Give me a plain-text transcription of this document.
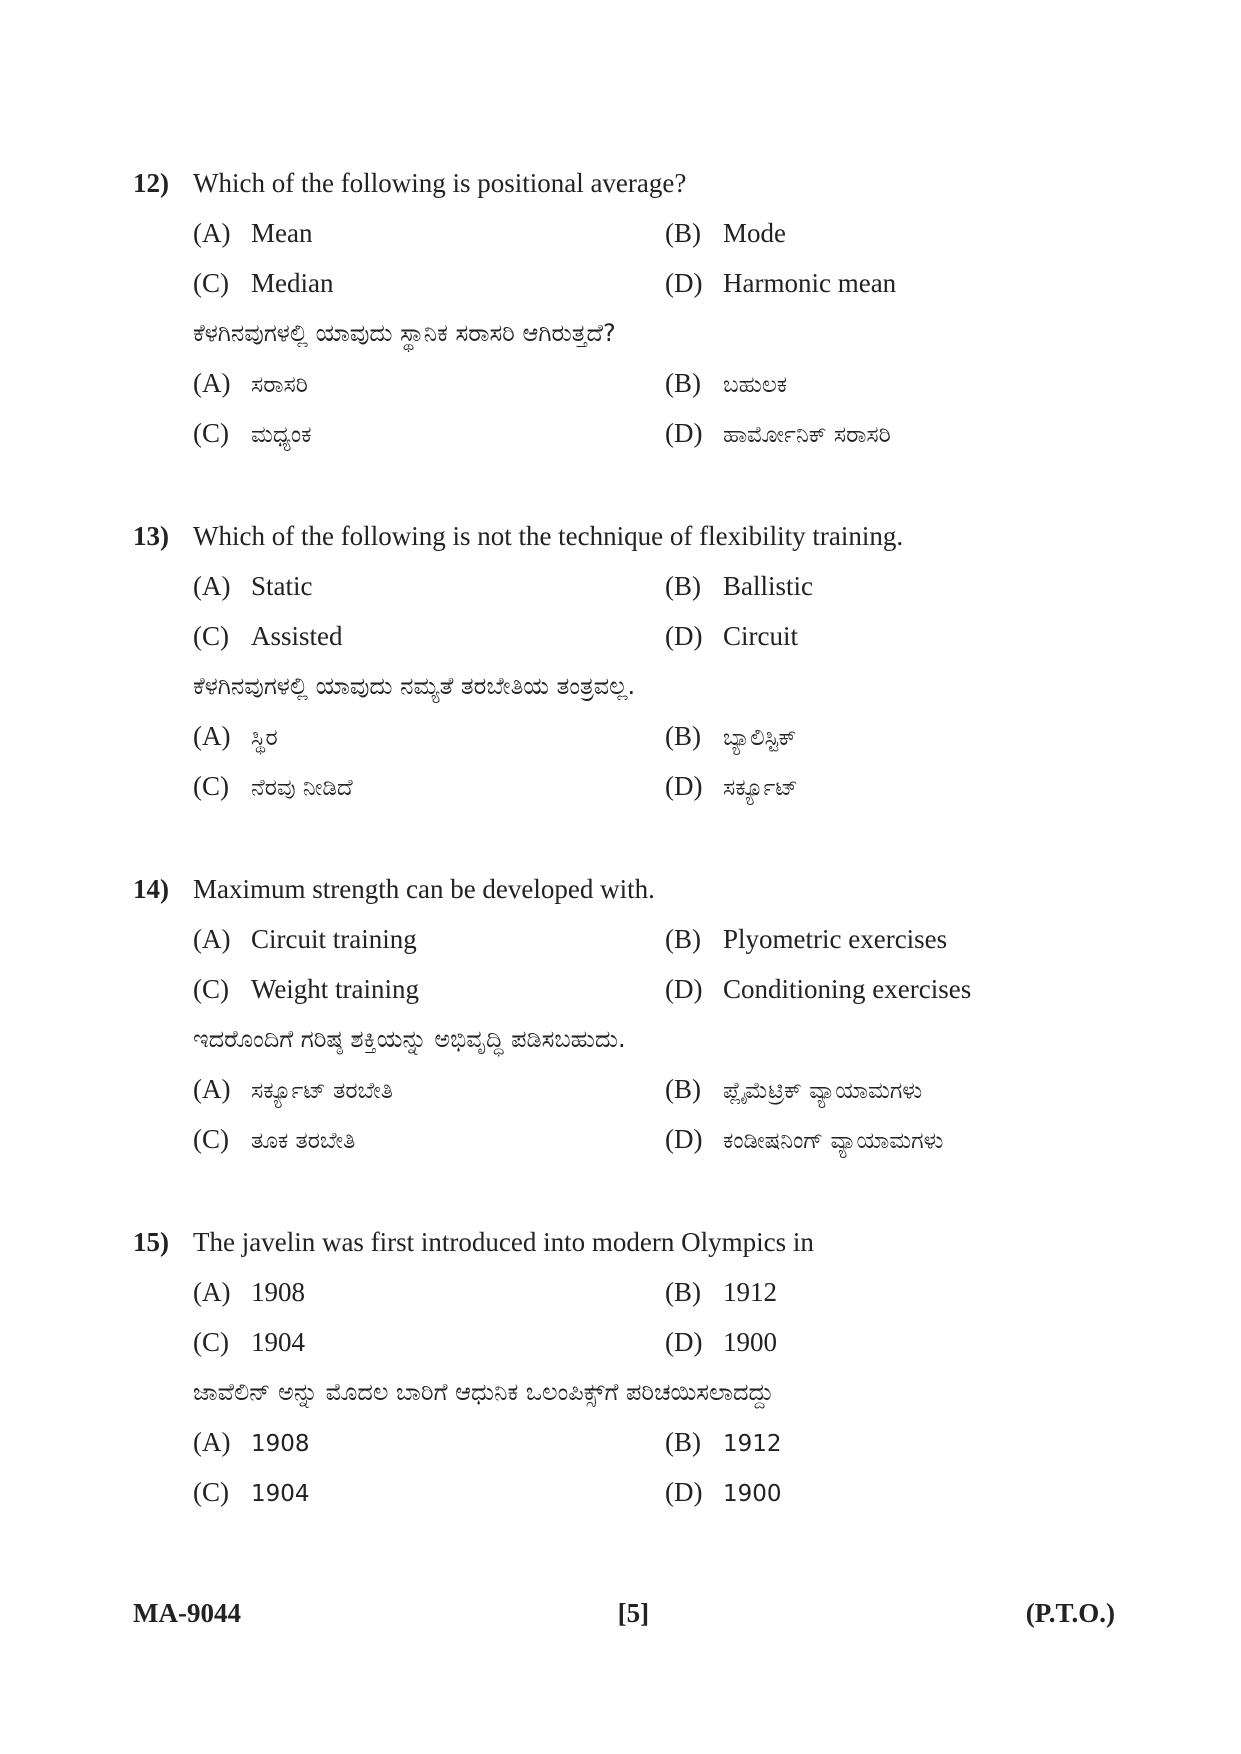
12) Which of the following is positional average?
(A) Mean	(B) Mode
(C) Median	(D) Harmonic mean
ಕೆಳಗಿನವುಗಳಲ್ಲಿ ಯಾವುದು ಸ್ಥಾನಿಕ ಸರಾಸರಿ ಆಗಿರುತ್ತದೆ?
(A) ಸರಾಸರಿ	(B) ಬಹುಲಕ
(C) ಮಧ್ಯಂಕ	(D) ಹಾರ್ಮೋನಿಕ್ ಸರಾಸರಿ
13) Which of the following is not the technique of flexibility training.
(A) Static	(B) Ballistic
(C) Assisted	(D) Circuit
ಕೆಳಗಿನವುಗಳಲ್ಲಿ ಯಾವುದು ನಮ್ಯತೆ ತರಬೇತಿಯ ತಂತ್ರವಲ್ಲ.
(A) ಸ್ಥಿರ	(B) ಬ್ಯಾಲಿಸ್ಟಿಕ್
(C) ನೆರವು ನೀಡಿದೆ	(D) ಸರ್ಕ್ಯೂಟ್
14) Maximum strength can be developed with.
(A) Circuit training	(B) Plyometric exercises
(C) Weight training	(D) Conditioning exercises
ಇದರೊಂದಿಗೆ ಗರಿಷ್ಠ ಶಕ್ತಿಯನ್ನು ಅಭಿವೃದ್ಧಿ ಪಡಿಸಬಹುದು.
(A) ಸರ್ಕ್ಯೂಟ್ ತರಬೇತಿ	(B) ಪ್ಲೈಮೆಟ್ರಿಕ್ ವ್ಯಾಯಾಮಗಳು
(C) ತೂಕ ತರಬೇತಿ	(D) ಕಂಡೀಷನಿಂಗ್ ವ್ಯಾಯಾಮಗಳು
15) The javelin was first introduced into modern Olympics in
(A) 1908	(B) 1912
(C) 1904	(D) 1900
ಜಾವೆಲಿನ್ ಅನ್ನು ಮೊದಲ ಬಾರಿಗೆ ಆಧುನಿಕ ಒಲಂಪಿಕ್ಸ್‌ಗೆ ಪರಿಚಯಿಸಲಾದದ್ದು
(A) 1908	(B) 1912
(C) 1904	(D) 1900
MA-9044	[5]	(P.T.O.)
